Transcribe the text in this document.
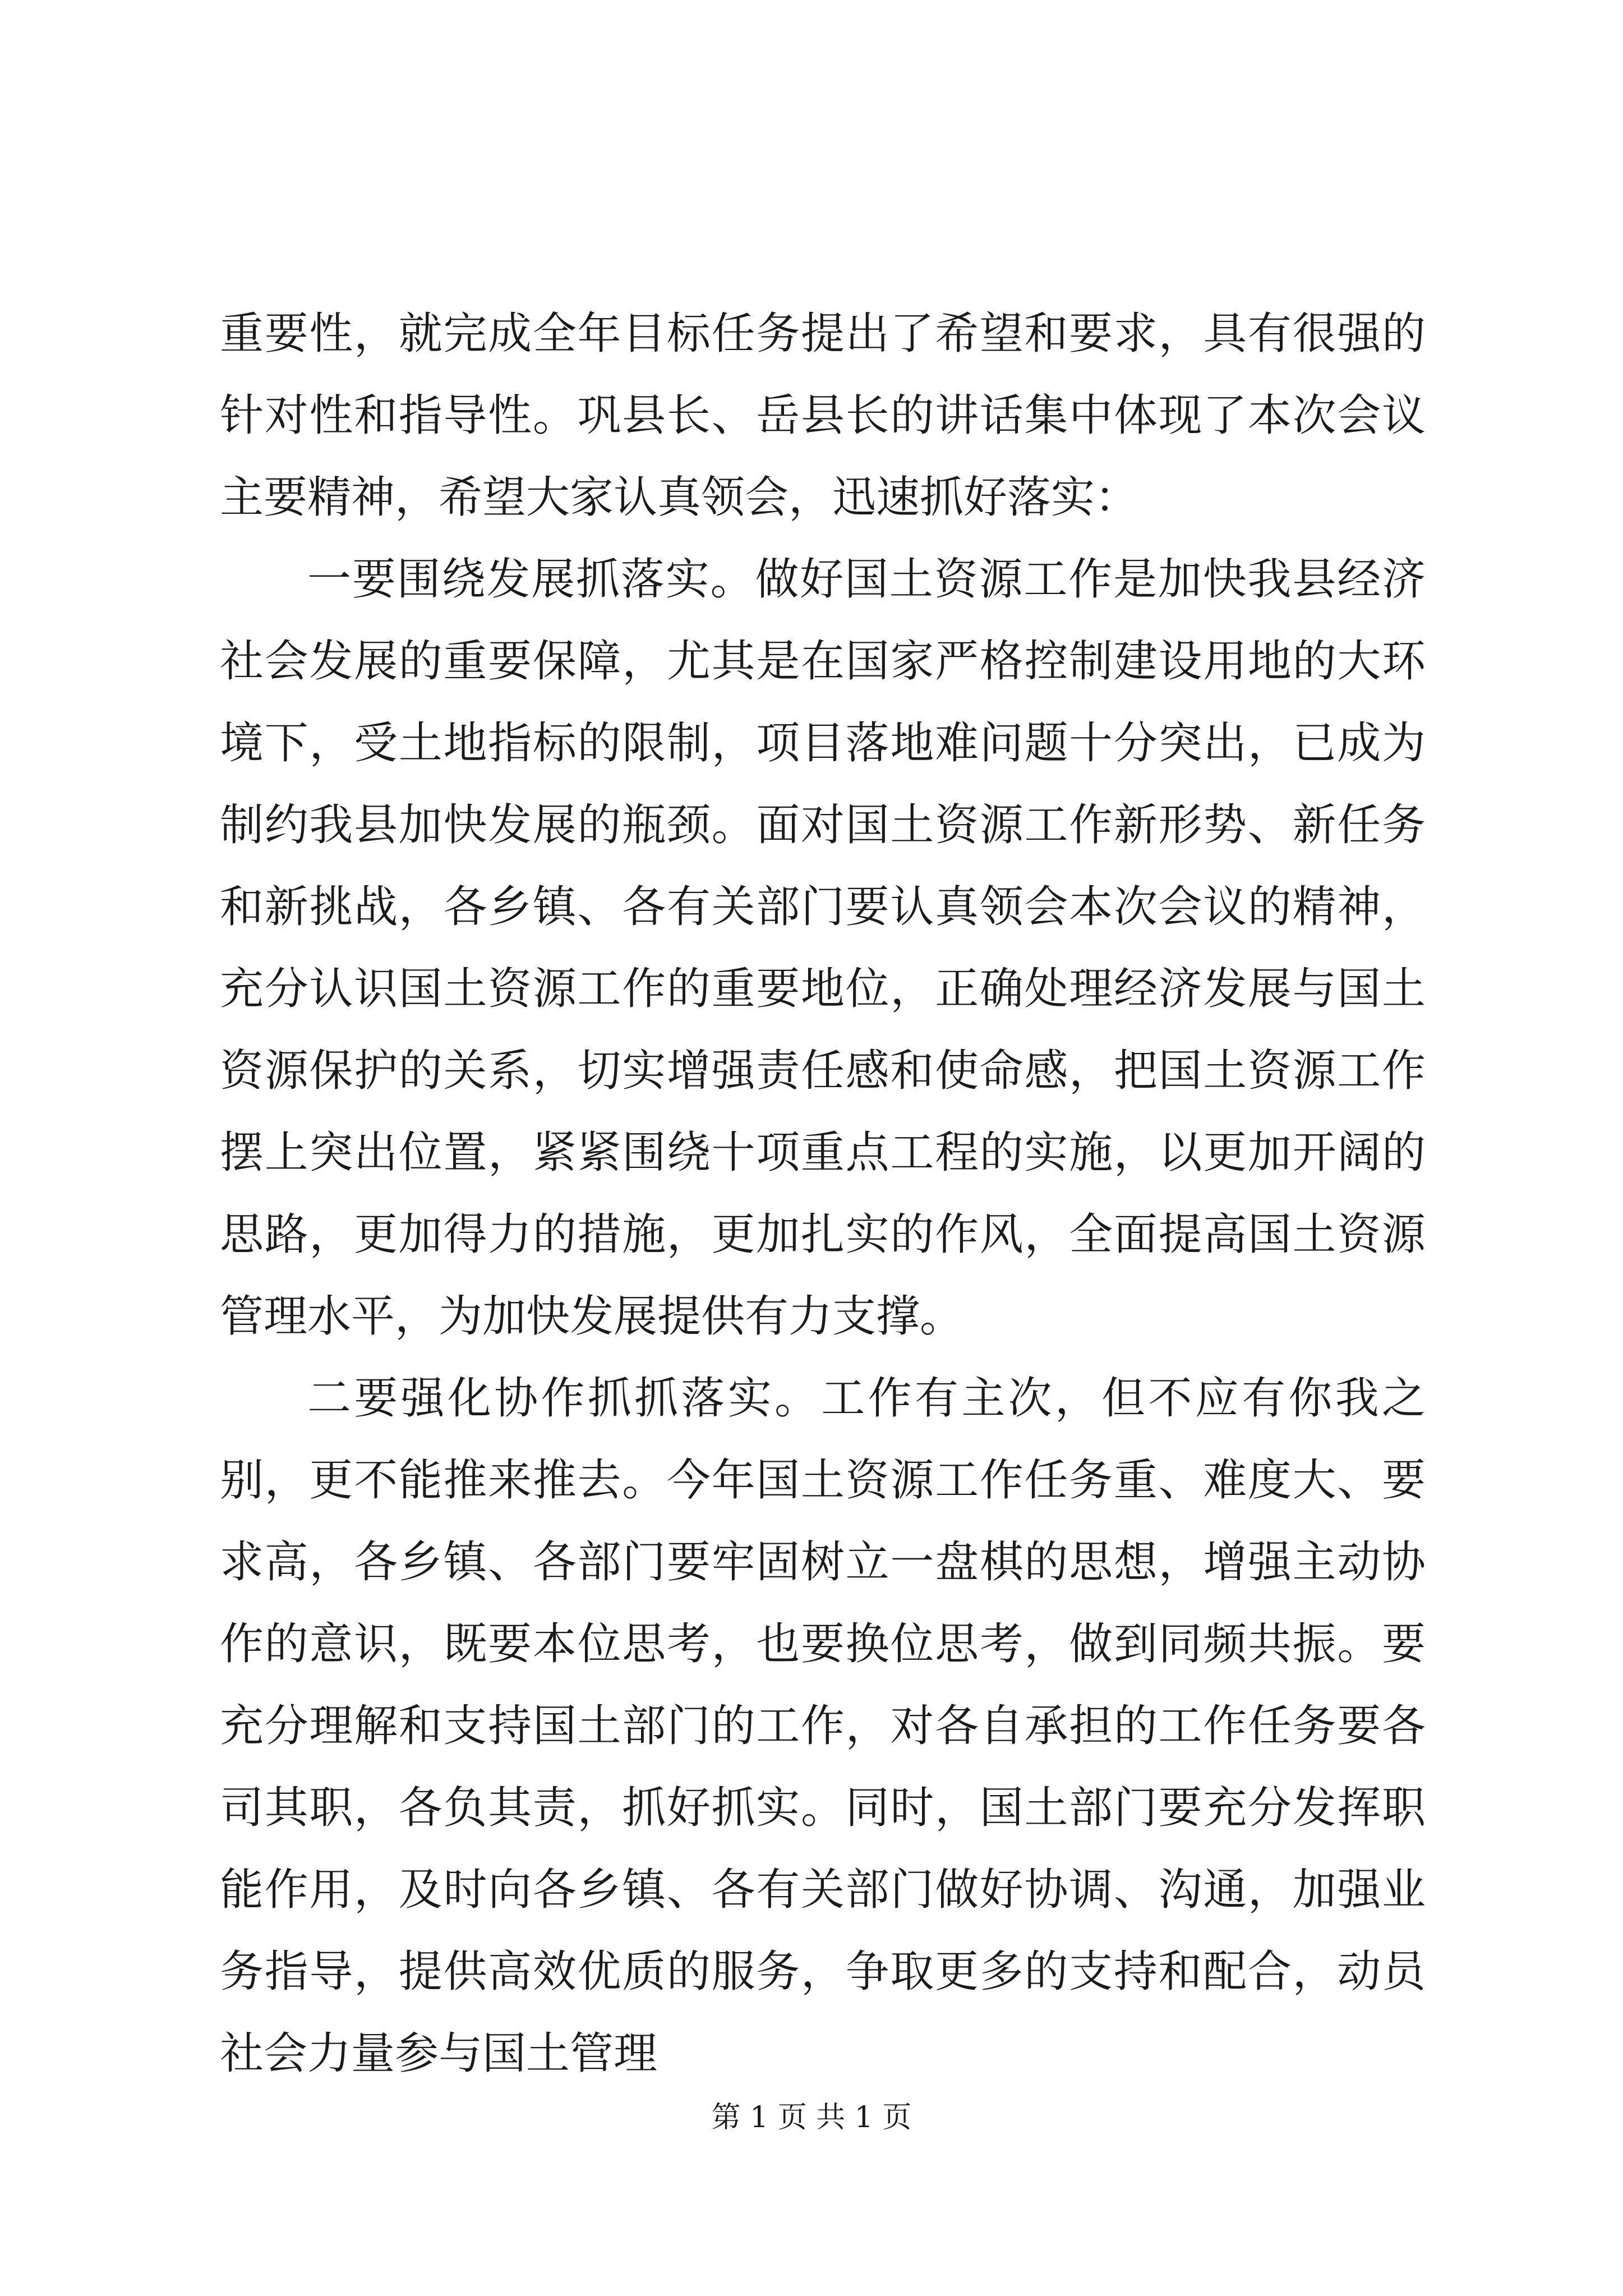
重要性，就完成全年目标任务提出了希望和要求，具有很强的针对性和指导性。巩县长、岳县长的讲话集中体现了本次会议主要精神，希望大家认真领会，迅速抓好落实：

一要围绕发展抓落实。做好国土资源工作是加快我县经济社会发展的重要保障，尤其是在国家严格控制建设用地的大环境下，受土地指标的限制，项目落地难问题十分突出，已成为制约我县加快发展的瓶颈。面对国土资源工作新形势、新任务和新挑战，各乡镇、各有关部门要认真领会本次会议的精神，充分认识国土资源工作的重要地位，正确处理经济发展与国土资源保护的关系，切实增强责任感和使命感，把国土资源工作摆上突出位置，紧紧围绕十项重点工程的实施，以更加开阔的思路，更加得力的措施，更加扎实的作风，全面提高国土资源管理水平，为加快发展提供有力支撑。

二要强化协作抓抓落实。工作有主次，但不应有你我之别，更不能推来推去。今年国土资源工作任务重、难度大、要求高，各乡镇、各部门要牢固树立一盘棋的思想，增强主动协作的意识，既要本位思考，也要换位思考，做到同频共振。要充分理解和支持国土部门的工作，对各自承担的工作任务要各司其职，各负其责，抓好抓实。同时，国土部门要充分发挥职能作用，及时向各乡镇、各有关部门做好协调、沟通，加强业务指导，提供高效优质的服务，争取更多的支持和配合，动员社会力量参与国土管理

第 1 页 共 1 页
